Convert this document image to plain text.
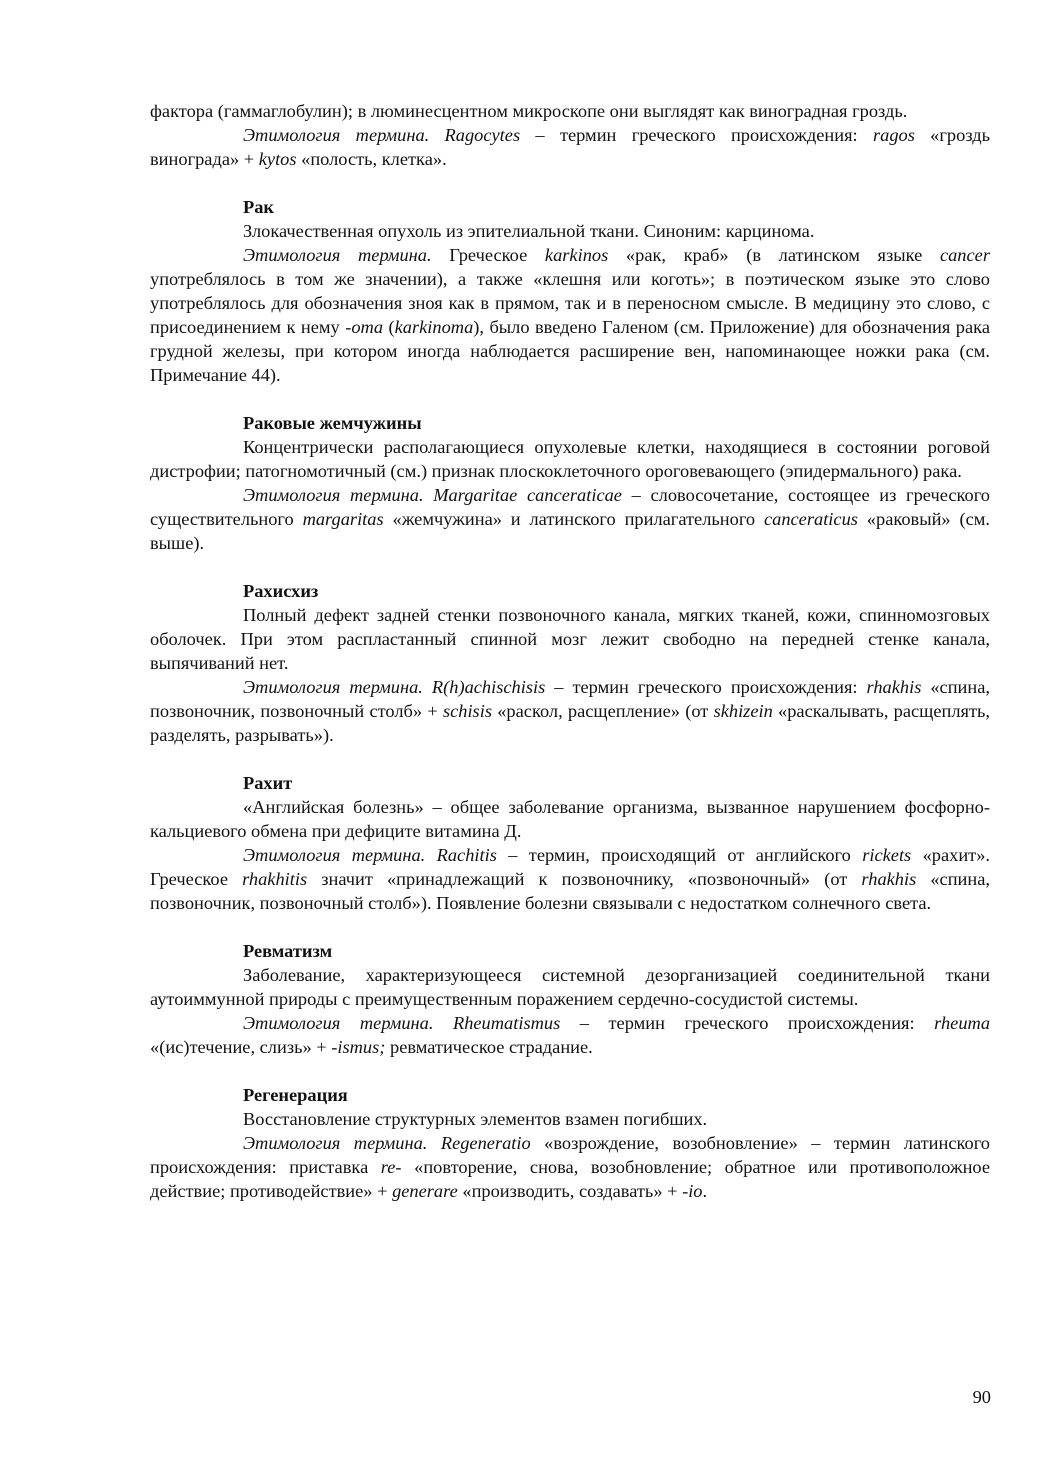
фактора (гаммаглобулин); в люминесцентном микроскопе они выглядят как виноградная гроздь.

Этимология термина. Ragocytes – термин греческого происхождения: ragos «гроздь винограда» + kytos «полость, клетка».

Рак

Злокачественная опухоль из эпителиальной ткани. Синоним: карцинома.

Этимология термина. Греческое karkinos «рак, краб» (в латинском языке cancer употреблялось в том же значении), а также «клешня или коготь»; в поэтическом языке это слово употреблялось для обозначения зноя как в прямом, так и в переносном смысле. В медицину это слово, с присоединением к нему -oma (karkinoma), было введено Галеном (см. Приложение) для обозначения рака грудной железы, при котором иногда наблюдается расширение вен, напоминающее ножки рака (см. Примечание 44).

Раковые жемчужины

Концентрически располагающиеся опухолевые клетки, находящиеся в состоянии роговой дистрофии; патогномотичный (см.) признак плоскоклеточного ороговевающего (эпидермального) рака.

Этимология термина. Margaritae canceraticae – словосочетание, состоящее из греческого существительного margaritas «жемчужина» и латинского прилагательного canceraticus «раковый» (см. выше).

Рахисхиз

Полный дефект задней стенки позвоночного канала, мягких тканей, кожи, спинномозговых оболочек. При этом распластанный спинной мозг лежит свободно на передней стенке канала, выпячиваний нет.

Этимология термина. R(h)achischisis – термин греческого происхождения: rhakhis «спина, позвоночник, позвоночный столб» + schisis «раскол, расщепление» (от skhizein «раскалывать, расщеплять, разделять, разрывать»).

Рахит

«Английская болезнь» – общее заболевание организма, вызванное нарушением фосфорно-кальциевого обмена при дефиците витамина Д.

Этимология термина. Rachitis – термин, происходящий от английского rickets «рахит». Греческое rhakhitis значит «принадлежащий к позвоночнику, «позвоночный» (от rhakhis «спина, позвоночник, позвоночный столб»). Появление болезни связывали с недостатком солнечного света.

Ревматизм

Заболевание, характеризующееся системной дезорганизацией соединительной ткани аутоиммунной природы с преимущественным поражением сердечно-сосудистой системы.

Этимология термина. Rheumatismus – термин греческого происхождения: rheuma «(ис)течение, слизь» + -ismus; ревматическое страдание.

Регенерация

Восстановление структурных элементов взамен погибших.

Этимология термина. Regeneratio «возрождение, возобновление» – термин латинского происхождения: приставка re- «повторение, снова, возобновление; обратное или противоположное действие; противодействие» + generare «производить, создавать» + -io.

90
